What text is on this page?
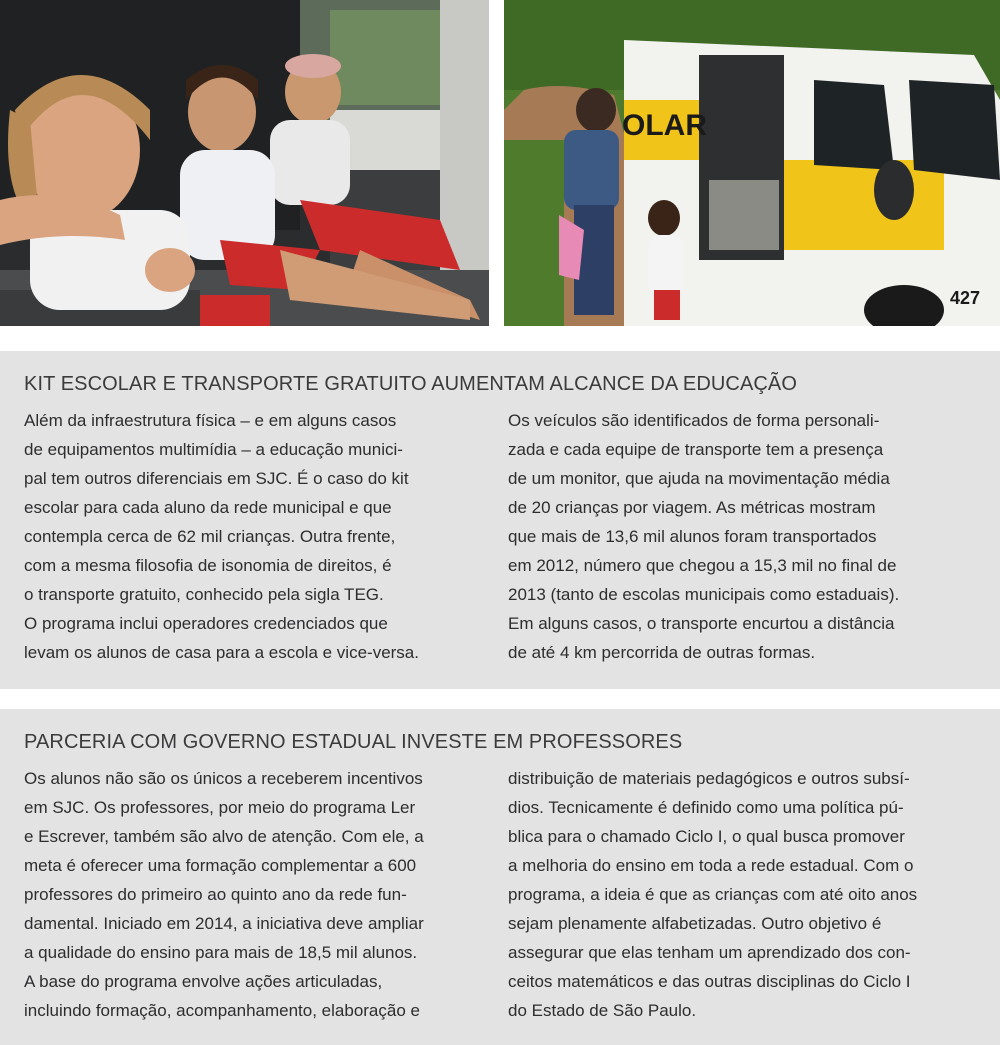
OLAR
427
KIT ESCOLAR E TRANSPORTE GRATUITO AUMENTAM ALCANCE DA EDUCAÇÃO

Além da infraestrutura física – e em alguns casos
de equipamentos multimídia – a educação munici-
pal tem outros diferenciais em SJC. É o caso do kit
escolar para cada aluno da rede municipal e que
contempla cerca de 62 mil crianças. Outra frente,
com a mesma filosofia de isonomia de direitos, é
o transporte gratuito, conhecido pela sigla TEG.
O programa inclui operadores credenciados que
levam os alunos de casa para a escola e vice-versa.

Os veículos são identificados de forma personali-
zada e cada equipe de transporte tem a presença
de um monitor, que ajuda na movimentação média
de 20 crianças por viagem. As métricas mostram
que mais de 13,6 mil alunos foram transportados
em 2012, número que chegou a 15,3 mil no final de
2013 (tanto de escolas municipais como estaduais).
Em alguns casos, o transporte encurtou a distância
de até 4 km percorrida de outras formas.

PARCERIA COM GOVERNO ESTADUAL INVESTE EM PROFESSORES

Os alunos não são os únicos a receberem incentivos
em SJC. Os professores, por meio do programa Ler
e Escrever, também são alvo de atenção. Com ele, a
meta é oferecer uma formação complementar a 600
professores do primeiro ao quinto ano da rede fun-
damental. Iniciado em 2014, a iniciativa deve ampliar
a qualidade do ensino para mais de 18,5 mil alunos.
A base do programa envolve ações articuladas,
incluindo formação, acompanhamento, elaboração e

distribuição de materiais pedagógicos e outros subsí-
dios. Tecnicamente é definido como uma política pú-
blica para o chamado Ciclo I, o qual busca promover
a melhoria do ensino em toda a rede estadual. Com o
programa, a ideia é que as crianças com até oito anos
sejam plenamente alfabetizadas. Outro objetivo é
assegurar que elas tenham um aprendizado dos con-
ceitos matemáticos e das outras disciplinas do Ciclo I
do Estado de São Paulo.
